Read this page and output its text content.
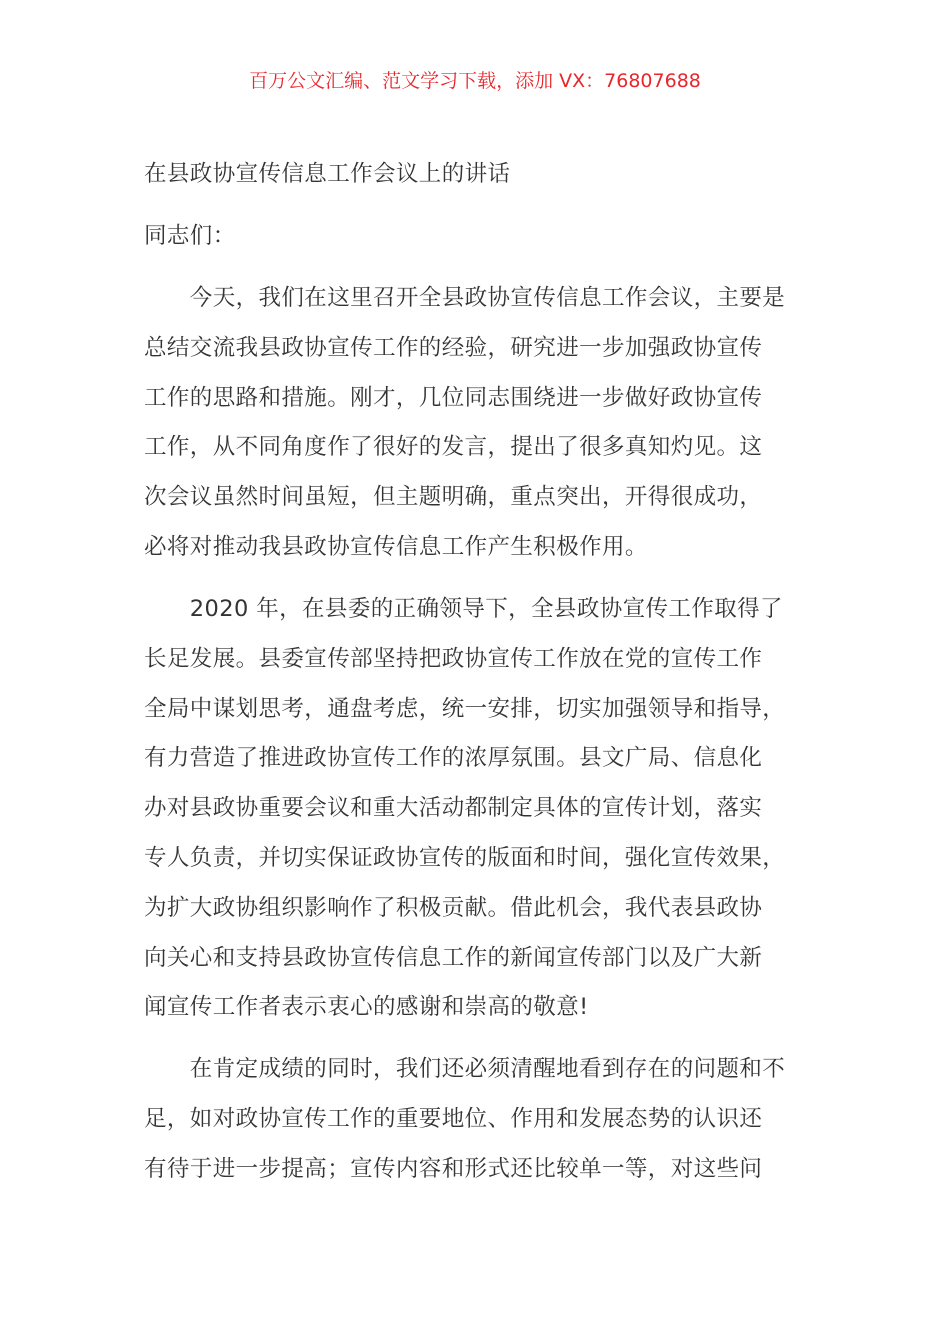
百万公文汇编、范文学习下载，添加 VX：76807688
在县政协宣传信息工作会议上的讲话
同志们：
　　今天，我们在这里召开全县政协宣传信息工作会议，主要是
总结交流我县政协宣传工作的经验，研究进一步加强政协宣传
工作的思路和措施。刚才，几位同志围绕进一步做好政协宣传
工作，从不同角度作了很好的发言，提出了很多真知灼见。这
次会议虽然时间虽短，但主题明确，重点突出，开得很成功，
必将对推动我县政协宣传信息工作产生积极作用。
　　2020 年，在县委的正确领导下，全县政协宣传工作取得了
长足发展。县委宣传部坚持把政协宣传工作放在党的宣传工作
全局中谋划思考，通盘考虑，统一安排，切实加强领导和指导，
有力营造了推进政协宣传工作的浓厚氛围。县文广局、信息化
办对县政协重要会议和重大活动都制定具体的宣传计划，落实
专人负责，并切实保证政协宣传的版面和时间，强化宣传效果，
为扩大政协组织影响作了积极贡献。借此机会，我代表县政协
向关心和支持县政协宣传信息工作的新闻宣传部门以及广大新
闻宣传工作者表示衷心的感谢和崇高的敬意!
　　在肯定成绩的同时，我们还必须清醒地看到存在的问题和不
足，如对政协宣传工作的重要地位、作用和发展态势的认识还
有待于进一步提高；宣传内容和形式还比较单一等，对这些问
